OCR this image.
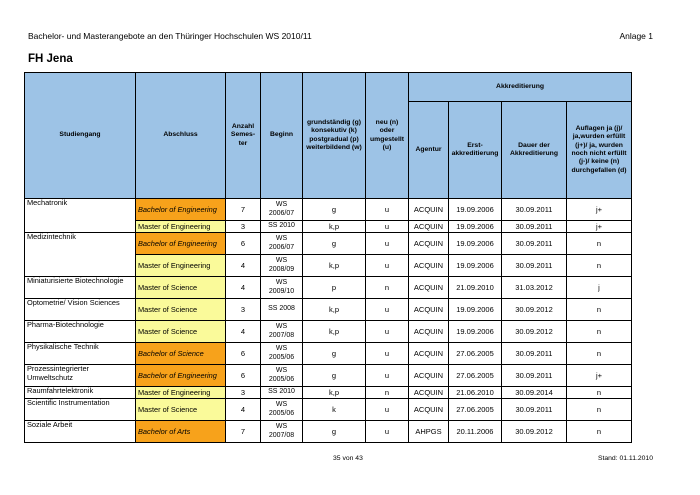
Bachelor- und Masterangebote an den Thüringer Hochschulen WS 2010/11	Anlage 1
FH Jena
Studiengang	Abschluss	Anzahl Semes- ter	Beginn	grundständig (g) konsekutiv (k) postgradual (p) weiterbildend (w)	neu (n) oder umgestellt (u)	Akkreditierung			
						Agentur	Erst- akkreditierung	Dauer der Akkreditierung	Auflagen ja (j)/ ja,wurden erfüllt (j+)/ ja, wurden noch nicht erfüllt (j-)/ keine (n) durchgefallen (d)
Mechatronik	Bachelor of Engineering	7	WS 2006/07	g	u	ACQUIN	19.09.2006	30.09.2011	j+
	Master of Engineering	3	SS 2010	k,p	u	ACQUIN	19.09.2006	30.09.2011	j+
Medizintechnik	Bachelor of Engineering	6	WS 2006/07	g	u	ACQUIN	19.09.2006	30.09.2011	n
	Master of Engineering	4	WS 2008/09	k,p	u	ACQUIN	19.09.2006	30.09.2011	n
Miniaturisierte Biotechnologie	Master of Science	4	WS 2009/10	p	n	ACQUIN	21.09.2010	31.03.2012	j
Optometrie/ Vision Sciences	Master of Science	3	SS 2008	k,p	u	ACQUIN	19.09.2006	30.09.2012	n
Pharma-Biotechnologie	Master of Science	4	WS 2007/08	k,p	u	ACQUIN	19.09.2006	30.09.2012	n
Physikalische Technik	Bachelor of Science	6	WS 2005/06	g	u	ACQUIN	27.06.2005	30.09.2011	n
Prozessintegrierter Umweltschutz	Bachelor of Engineering	6	WS 2005/06	g	u	ACQUIN	27.06.2005	30.09.2011	j+
Raumfahrtelektronik	Master of Engineering	3	SS 2010	k,p	n	ACQUIN	21.06.2010	30.09.2014	n
Scientific Instrumentation	Master of Science	4	WS 2005/06	k	u	ACQUIN	27.06.2005	30.09.2011	n
Soziale Arbeit	Bachelor of Arts	7	WS 2007/08	g	u	AHPGS	20.11.2006	30.09.2012	n
35 von 43	Stand: 01.11.2010
